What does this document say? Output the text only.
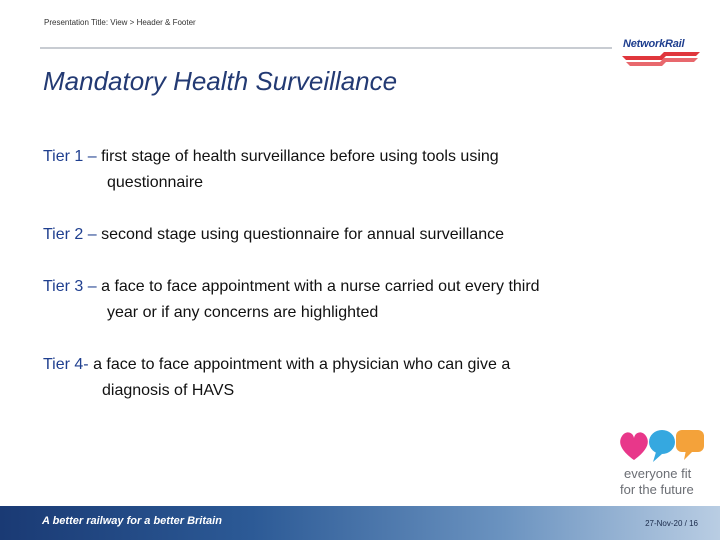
Presentation Title: View > Header & Footer
NetworkRail
Mandatory Health Surveillance
Tier 1 – first stage of health surveillance before using tools using
questionnaire
Tier 2 – second stage using questionnaire for annual surveillance
Tier 3 – a face to face appointment with a nurse carried out every third
year or if any concerns are highlighted
Tier 4- a face to face appointment with a physician who can give a
diagnosis of HAVS
everyone fit
for the future
A better railway for a better Britain	27-Nov-20 / 16
